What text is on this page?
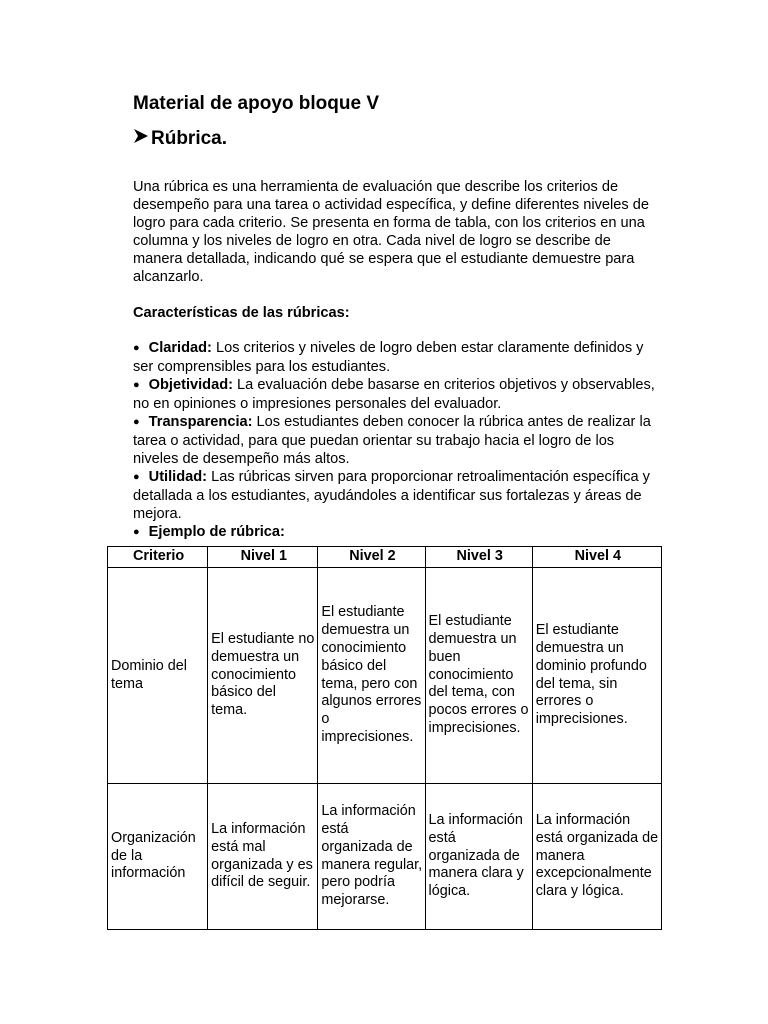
Material de apoyo bloque V
Rúbrica.

Una rúbrica es una herramienta de evaluación que describe los criterios de desempeño para una tarea o actividad específica, y define diferentes niveles de logro para cada criterio. Se presenta en forma de tabla, con los criterios en una columna y los niveles de logro en otra. Cada nivel de logro se describe de manera detallada, indicando qué se espera que el estudiante demuestre para alcanzarlo.

Características de las rúbricas:
● Claridad: Los criterios y niveles de logro deben estar claramente definidos y ser comprensibles para los estudiantes.
● Objetividad: La evaluación debe basarse en criterios objetivos y observables, no en opiniones o impresiones personales del evaluador.
● Transparencia: Los estudiantes deben conocer la rúbrica antes de realizar la tarea o actividad, para que puedan orientar su trabajo hacia el logro de los niveles de desempeño más altos.
● Utilidad: Las rúbricas sirven para proporcionar retroalimentación específica y detallada a los estudiantes, ayudándoles a identificar sus fortalezas y áreas de mejora.
● Ejemplo de rúbrica:
Criterio	Nivel 1	Nivel 2	Nivel 3	Nivel 4

Dominio del tema	El estudiante no demuestra un conocimiento básico del tema.	El estudiante demuestra un conocimiento básico del tema, pero con algunos errores o imprecisiones.	El estudiante demuestra un buen conocimiento del tema, con pocos errores o imprecisiones.	El estudiante demuestra un dominio profundo del tema, sin errores o imprecisiones.

Organización de la información	La información está mal organizada y es difícil de seguir.	La información está organizada de manera regular, pero podría mejorarse.	La información está organizada de manera clara y lógica.	La información está organizada de manera excepcionalmente clara y lógica.
